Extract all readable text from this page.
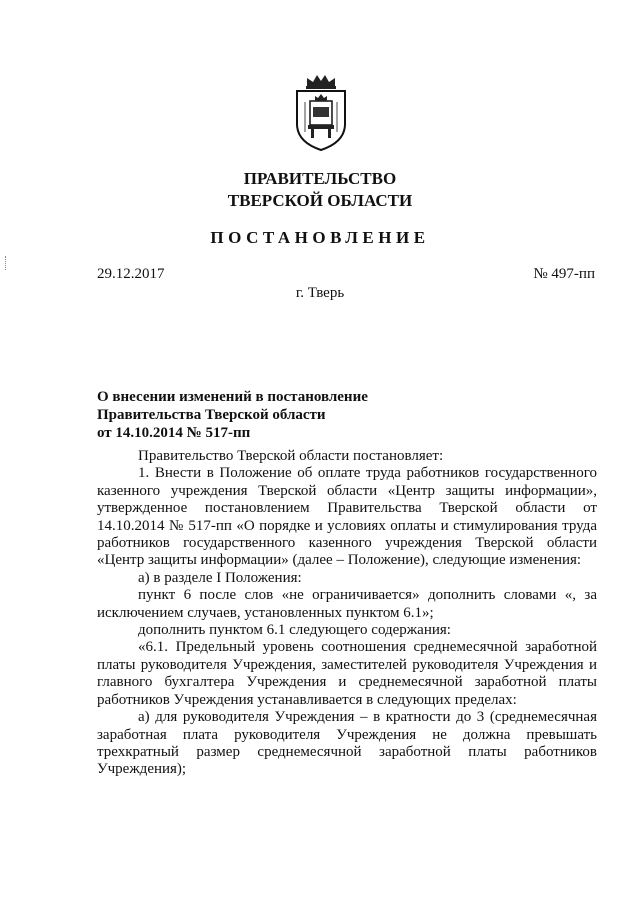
ПРАВИТЕЛЬСТВО
ТВЕРСКОЙ ОБЛАСТИ
ПОСТАНОВЛЕНИЕ
29.12.2017	№ 497-пп
г. Тверь
О внесении изменений в постановление
Правительства Тверской области
от 14.10.2014 № 517-пп

Правительство Тверской области постановляет:

1. Внести в Положение об оплате труда работников государственного казенного учреждения Тверской области «Центр защиты информации», утвержденное постановлением Правительства Тверской области от 14.10.2014 № 517-пп «О порядке и условиях оплаты и стимулирования труда работников государственного казенного учреждения Тверской области «Центр защиты информации» (далее – Положение), следующие изменения:

а) в разделе I Положения:

пункт 6 после слов «не ограничивается» дополнить словами «, за исключением случаев, установленных пунктом 6.1»;

дополнить пунктом 6.1 следующего содержания:

«6.1. Предельный уровень соотношения среднемесячной заработной платы руководителя Учреждения, заместителей руководителя Учреждения и главного бухгалтера Учреждения и среднемесячной заработной платы работников Учреждения устанавливается в следующих пределах:

а) для руководителя Учреждения – в кратности до 3 (среднемесячная заработная плата руководителя Учреждения не должна превышать трехкратный размер среднемесячной заработной платы работников Учреждения);
